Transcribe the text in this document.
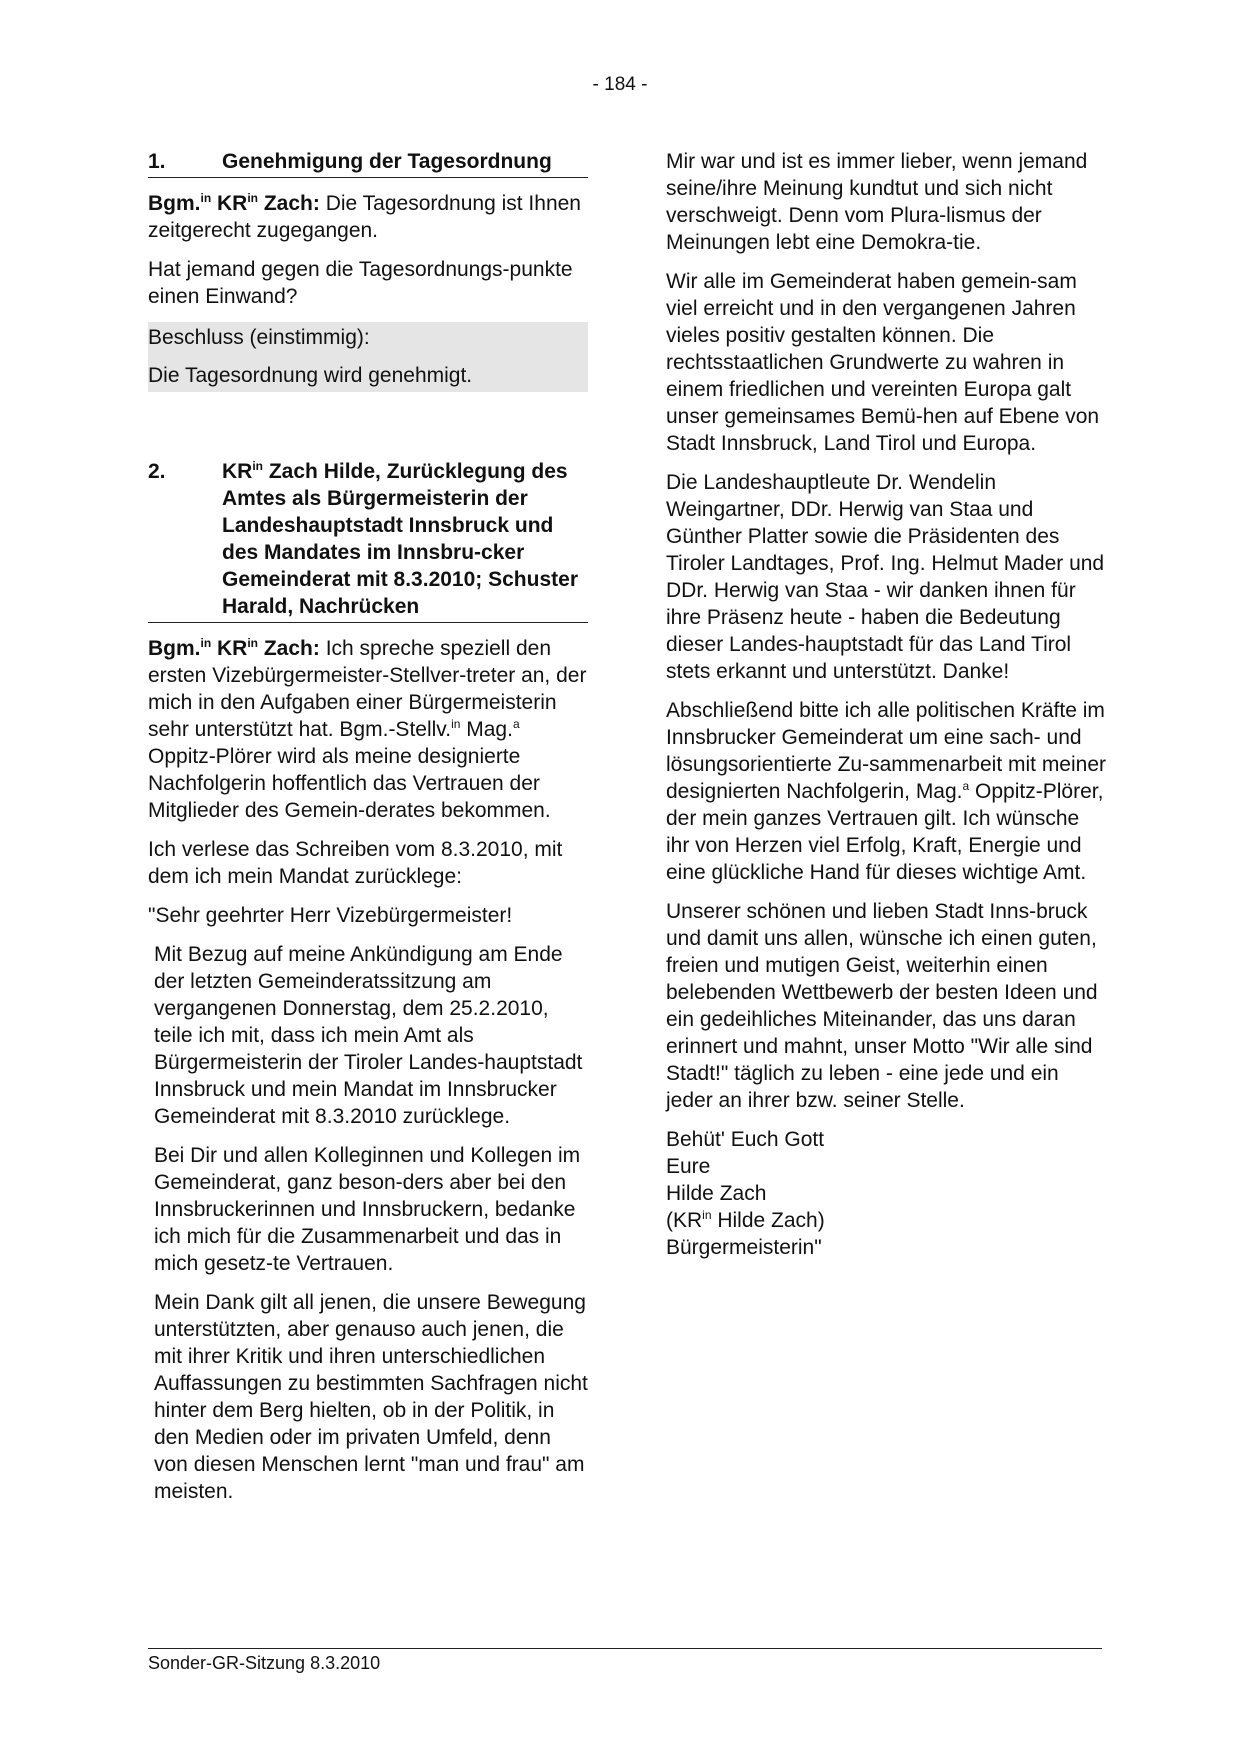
- 184 -
1.	Genehmigung der Tagesordnung

Bgm.$^{in}$ $KR^{in}$ Zach: Die Tagesordnung ist Ihnen zeitgerecht zugegangen.

Hat jemand gegen die Tagesordnungs-punkte einen Einwand?

Beschluss (einstimmig):
Die Tagesordnung wird genehmigt.
2.	$KR^{in}$ Zach Hilde, Zurücklegung des Amtes als Bürgermeisterin der Landeshauptstadt Innsbruck und des Mandates im Innsbru-cker Gemeinderat mit 8.3.2010; Schuster Harald, Nachrücken

Bgm.$^{in}$ $KR^{in}$ Zach: Ich spreche speziell den ersten Vizebürgermeister-Stellver-treter an, der mich in den Aufgaben einer Bürgermeisterin sehr unterstützt hat. Bgm.-Stellv.$^{in}$ Mag.$^a$ Oppitz-Plörer wird als meine designierte Nachfolgerin hoffentlich das Vertrauen der Mitglieder des Gemein-derates bekommen.

Ich verlese das Schreiben vom 8.3.2010, mit dem ich mein Mandat zurücklege:

"Sehr geehrter Herr Vizebürgermeister!

Mit Bezug auf meine Ankündigung am Ende der letzten Gemeinderatssitzung am vergangenen Donnerstag, dem 25.2.2010, teile ich mit, dass ich mein Amt als Bürgermeisterin der Tiroler Landes-hauptstadt Innsbruck und mein Mandat im Innsbrucker Gemeinderat mit 8.3.2010 zurücklege.

Bei Dir und allen Kolleginnen und Kollegen im Gemeinderat, ganz beson-ders aber bei den Innsbruckerinnen und Innsbruckern, bedanke ich mich für die Zusammenarbeit und das in mich gesetz-te Vertrauen.

Mein Dank gilt all jenen, die unsere Bewegung unterstützten, aber genauso auch jenen, die mit ihrer Kritik und ihren unterschiedlichen Auffassungen zu bestimmten Sachfragen nicht hinter dem Berg hielten, ob in der Politik, in den Medien oder im privaten Umfeld, denn von diesen Menschen lernt "man und frau" am meisten.

Mir war und ist es immer lieber, wenn jemand seine/ihre Meinung kundtut und sich nicht verschweigt. Denn vom Plura-lismus der Meinungen lebt eine Demokra-tie.

Wir alle im Gemeinderat haben gemein-sam viel erreicht und in den vergangenen Jahren vieles positiv gestalten können. Die rechtsstaatlichen Grundwerte zu wahren in einem friedlichen und vereinten Europa galt unser gemeinsames Bemü-hen auf Ebene von Stadt Innsbruck, Land Tirol und Europa.

Die Landeshauptleute Dr. Wendelin Weingartner, DDr. Herwig van Staa und Günther Platter sowie die Präsidenten des Tiroler Landtages, Prof. Ing. Helmut Mader und DDr. Herwig van Staa - wir danken ihnen für ihre Präsenz heute - haben die Bedeutung dieser Landes-hauptstadt für das Land Tirol stets erkannt und unterstützt. Danke!

Abschließend bitte ich alle politischen Kräfte im Innsbrucker Gemeinderat um eine sach- und lösungsorientierte Zu-sammenarbeit mit meiner designierten Nachfolgerin, Mag.$^a$ Oppitz-Plörer, der mein ganzes Vertrauen gilt. Ich wünsche ihr von Herzen viel Erfolg, Kraft, Energie und eine glückliche Hand für dieses wichtige Amt.

Unserer schönen und lieben Stadt Inns-bruck und damit uns allen, wünsche ich einen guten, freien und mutigen Geist, weiterhin einen belebenden Wettbewerb der besten Ideen und ein gedeihliches Miteinander, das uns daran erinnert und mahnt, unser Motto "Wir alle sind Stadt!" täglich zu leben - eine jede und ein jeder an ihrer bzw. seiner Stelle.

Behüt' Euch Gott
Eure
Hilde Zach
($KR^{in}$ Hilde Zach)
Bürgermeisterin"

Sonder-GR-Sitzung 8.3.2010
